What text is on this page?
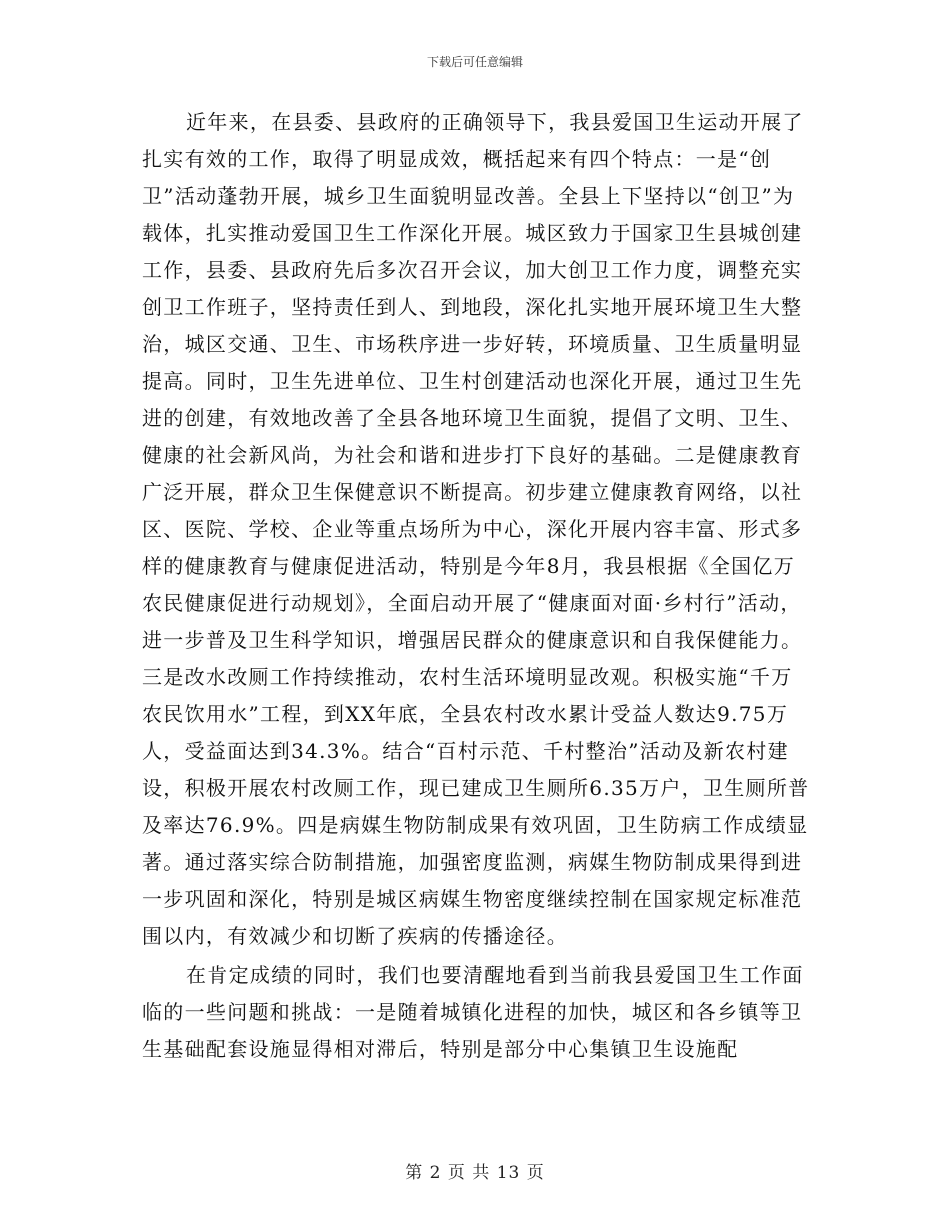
下载后可任意编辑

近年来，在县委、县政府的正确领导下，我县爱国卫生运动开展了扎实有效的工作，取得了明显成效，概括起来有四个特点：一是“创卫”活动蓬勃开展，城乡卫生面貌明显改善。全县上下坚持以“创卫”为载体，扎实推动爱国卫生工作深化开展。城区致力于国家卫生县城创建工作，县委、县政府先后多次召开会议，加大创卫工作力度，调整充实创卫工作班子，坚持责任到人、到地段，深化扎实地开展环境卫生大整治，城区交通、卫生、市场秩序进一步好转，环境质量、卫生质量明显提高。同时，卫生先进单位、卫生村创建活动也深化开展，通过卫生先进的创建，有效地改善了全县各地环境卫生面貌，提倡了文明、卫生、健康的社会新风尚，为社会和谐和进步打下良好的基础。二是健康教育广泛开展，群众卫生保健意识不断提高。初步建立健康教育网络，以社区、医院、学校、企业等重点场所为中心，深化开展内容丰富、形式多样的健康教育与健康促进活动，特别是今年8月，我县根据《全国亿万农民健康促进行动规划》，全面启动开展了“健康面对面·乡村行”活动，进一步普及卫生科学知识，增强居民群众的健康意识和自我保健能力。三是改水改厕工作持续推动，农村生活环境明显改观。积极实施“千万农民饮用水”工程，到XX年底，全县农村改水累计受益人数达9.75万人，受益面达到34.3%。结合“百村示范、千村整治”活动及新农村建设，积极开展农村改厕工作，现已建成卫生厕所6.35万户，卫生厕所普及率达76.9%。四是病媒生物防制成果有效巩固，卫生防病工作成绩显著。通过落实综合防制措施，加强密度监测，病媒生物防制成果得到进一步巩固和深化，特别是城区病媒生物密度继续控制在国家规定标准范围以内，有效减少和切断了疾病的传播途径。

在肯定成绩的同时，我们也要清醒地看到当前我县爱国卫生工作面临的一些问题和挑战：一是随着城镇化进程的加快，城区和各乡镇等卫生基础配套设施显得相对滞后，特别是部分中心集镇卫生设施配

第 2 页 共 13 页
